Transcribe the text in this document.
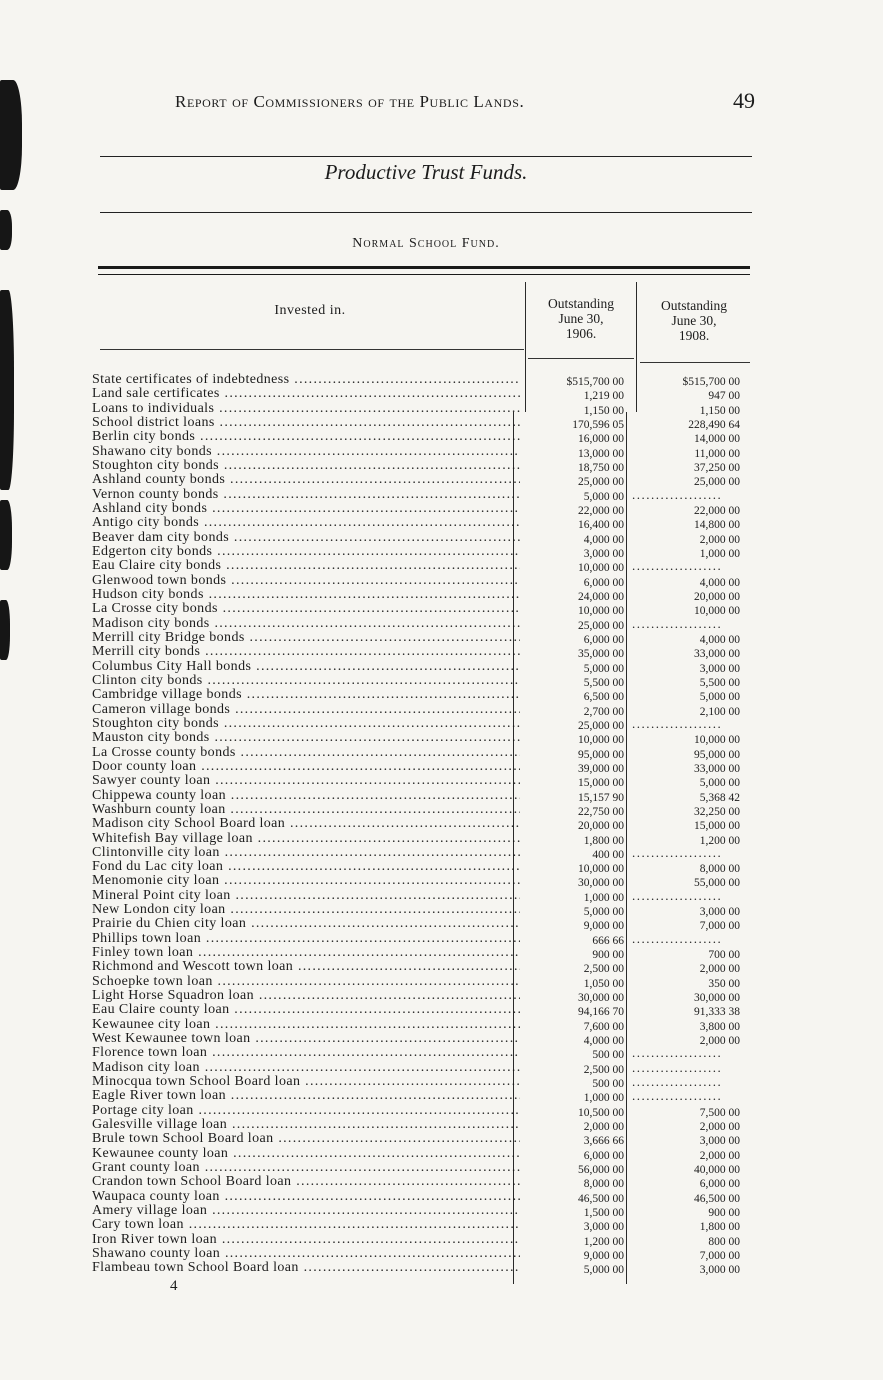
Report of Commissioners of the Public Lands.	49
Productive Trust Funds.
Normal School Fund.
Invested in.	Outstanding
June 30,
1906.
Outstanding
June 30,
1908.
State certificates of indebtedness .....	$515,700 00	$515,700 00
Land sale certificates .....	1,219 00	947 00
Loans to individuals .....	1,150 00	1,150 00
School district loans .....	170,596 05	228,490 64
Berlin city bonds .....	16,000 00	14,000 00
Shawano city bonds .....	13,000 00	11,000 00
Stoughton city bonds .....	18,750 00	37,250 00
Ashland county bonds .....	25,000 00	25,000 00
Vernon county bonds .....	5,000 00 ...................
Ashland city bonds .....	22,000 00	22,000 00
Antigo city bonds .....	16,400 00	14,800 00
Beaver dam city bonds .....	4,000 00	2,000 00
Edgerton city bonds .....	3,000 00	1,000 00
Eau Claire city bonds .....	10,000 00 ...................
Glenwood town bonds .....	6,000 00	4,000 00
Hudson city bonds .....	24,000 00	20,000 00
La Crosse city bonds .....	10,000 00	10,000 00
Madison city bonds .....	25,000 00 ...................
Merrill city Bridge bonds .....	6,000 00	4,000 00
Merrill city bonds .....	35,000 00	33,000 00
Columbus City Hall bonds .....	5,000 00	3,000 00
Clinton city bonds .....	5,500 00	5,500 00
Cambridge village bonds .....	6,500 00	5,000 00
Cameron village bonds .....	2,700 00	2,100 00
Stoughton city bonds .....	25,000 00 ...................
Mauston city bonds .....	10,000 00	10,000 00
La Crosse county bonds .....	95,000 00	95,000 00
Door county loan .....	39,000 00	33,000 00
Sawyer county loan .....	15,000 00	5,000 00
Chippewa county loan .....	15,157 90	5,368 42
Washburn county loan .....	22,750 00	32,250 00
Madison city School Board loan .....	20,000 00	15,000 00
Whitefish Bay village loan .....	1,800 00	1,200 00
Clintonville city loan .....	400 00 ...................
Fond du Lac city loan .....	10,000 00	8,000 00
Menomonie city loan .....	30,000 00	55,000 00
Mineral Point city loan .....	1,000 00 ...................
New London city loan .....	5,000 00	3,000 00
Prairie du Chien city loan .....	9,000 00	7,000 00
Phillips town loan .....	666 66 ...................
Finley town loan .....	900 00	700 00
Richmond and Wescott town loan .....	2,500 00	2,000 00
Schoepke town loan .....	1,050 00	350 00
Light Horse Squadron loan .....	30,000 00	30,000 00
Eau Claire county loan .....	94,166 70	91,333 38
Kewaunee city loan .....	7,600 00	3,800 00
West Kewaunee town loan .....	4,000 00	2,000 00
Florence town loan .....	500 00 ...................
Madison city loan .....	2,500 00 ...................
Minocqua town School Board loan .....	500 00 ...................
Eagle River town loan .....	1,000 00 ...................
Portage city loan .....	10,500 00	7,500 00
Galesville village loan .....	2,000 00	2,000 00
Brule town School Board loan .....	3,666 66	3,000 00
Kewaunee county loan .....	6,000 00	2,000 00
Grant county loan .....	56,000 00	40,000 00
Crandon town School Board loan .....	8,000 00	6,000 00
Waupaca county loan .....	46,500 00	46,500 00
Amery village loan .....	1,500 00	900 00
Cary town loan .....	3,000 00	1,800 00
Iron River town loan .....	1,200 00	800 00
Shawano county loan .....	9,000 00	7,000 00
Flambeau town School Board loan .....	5,000 00	3,000 00
4
